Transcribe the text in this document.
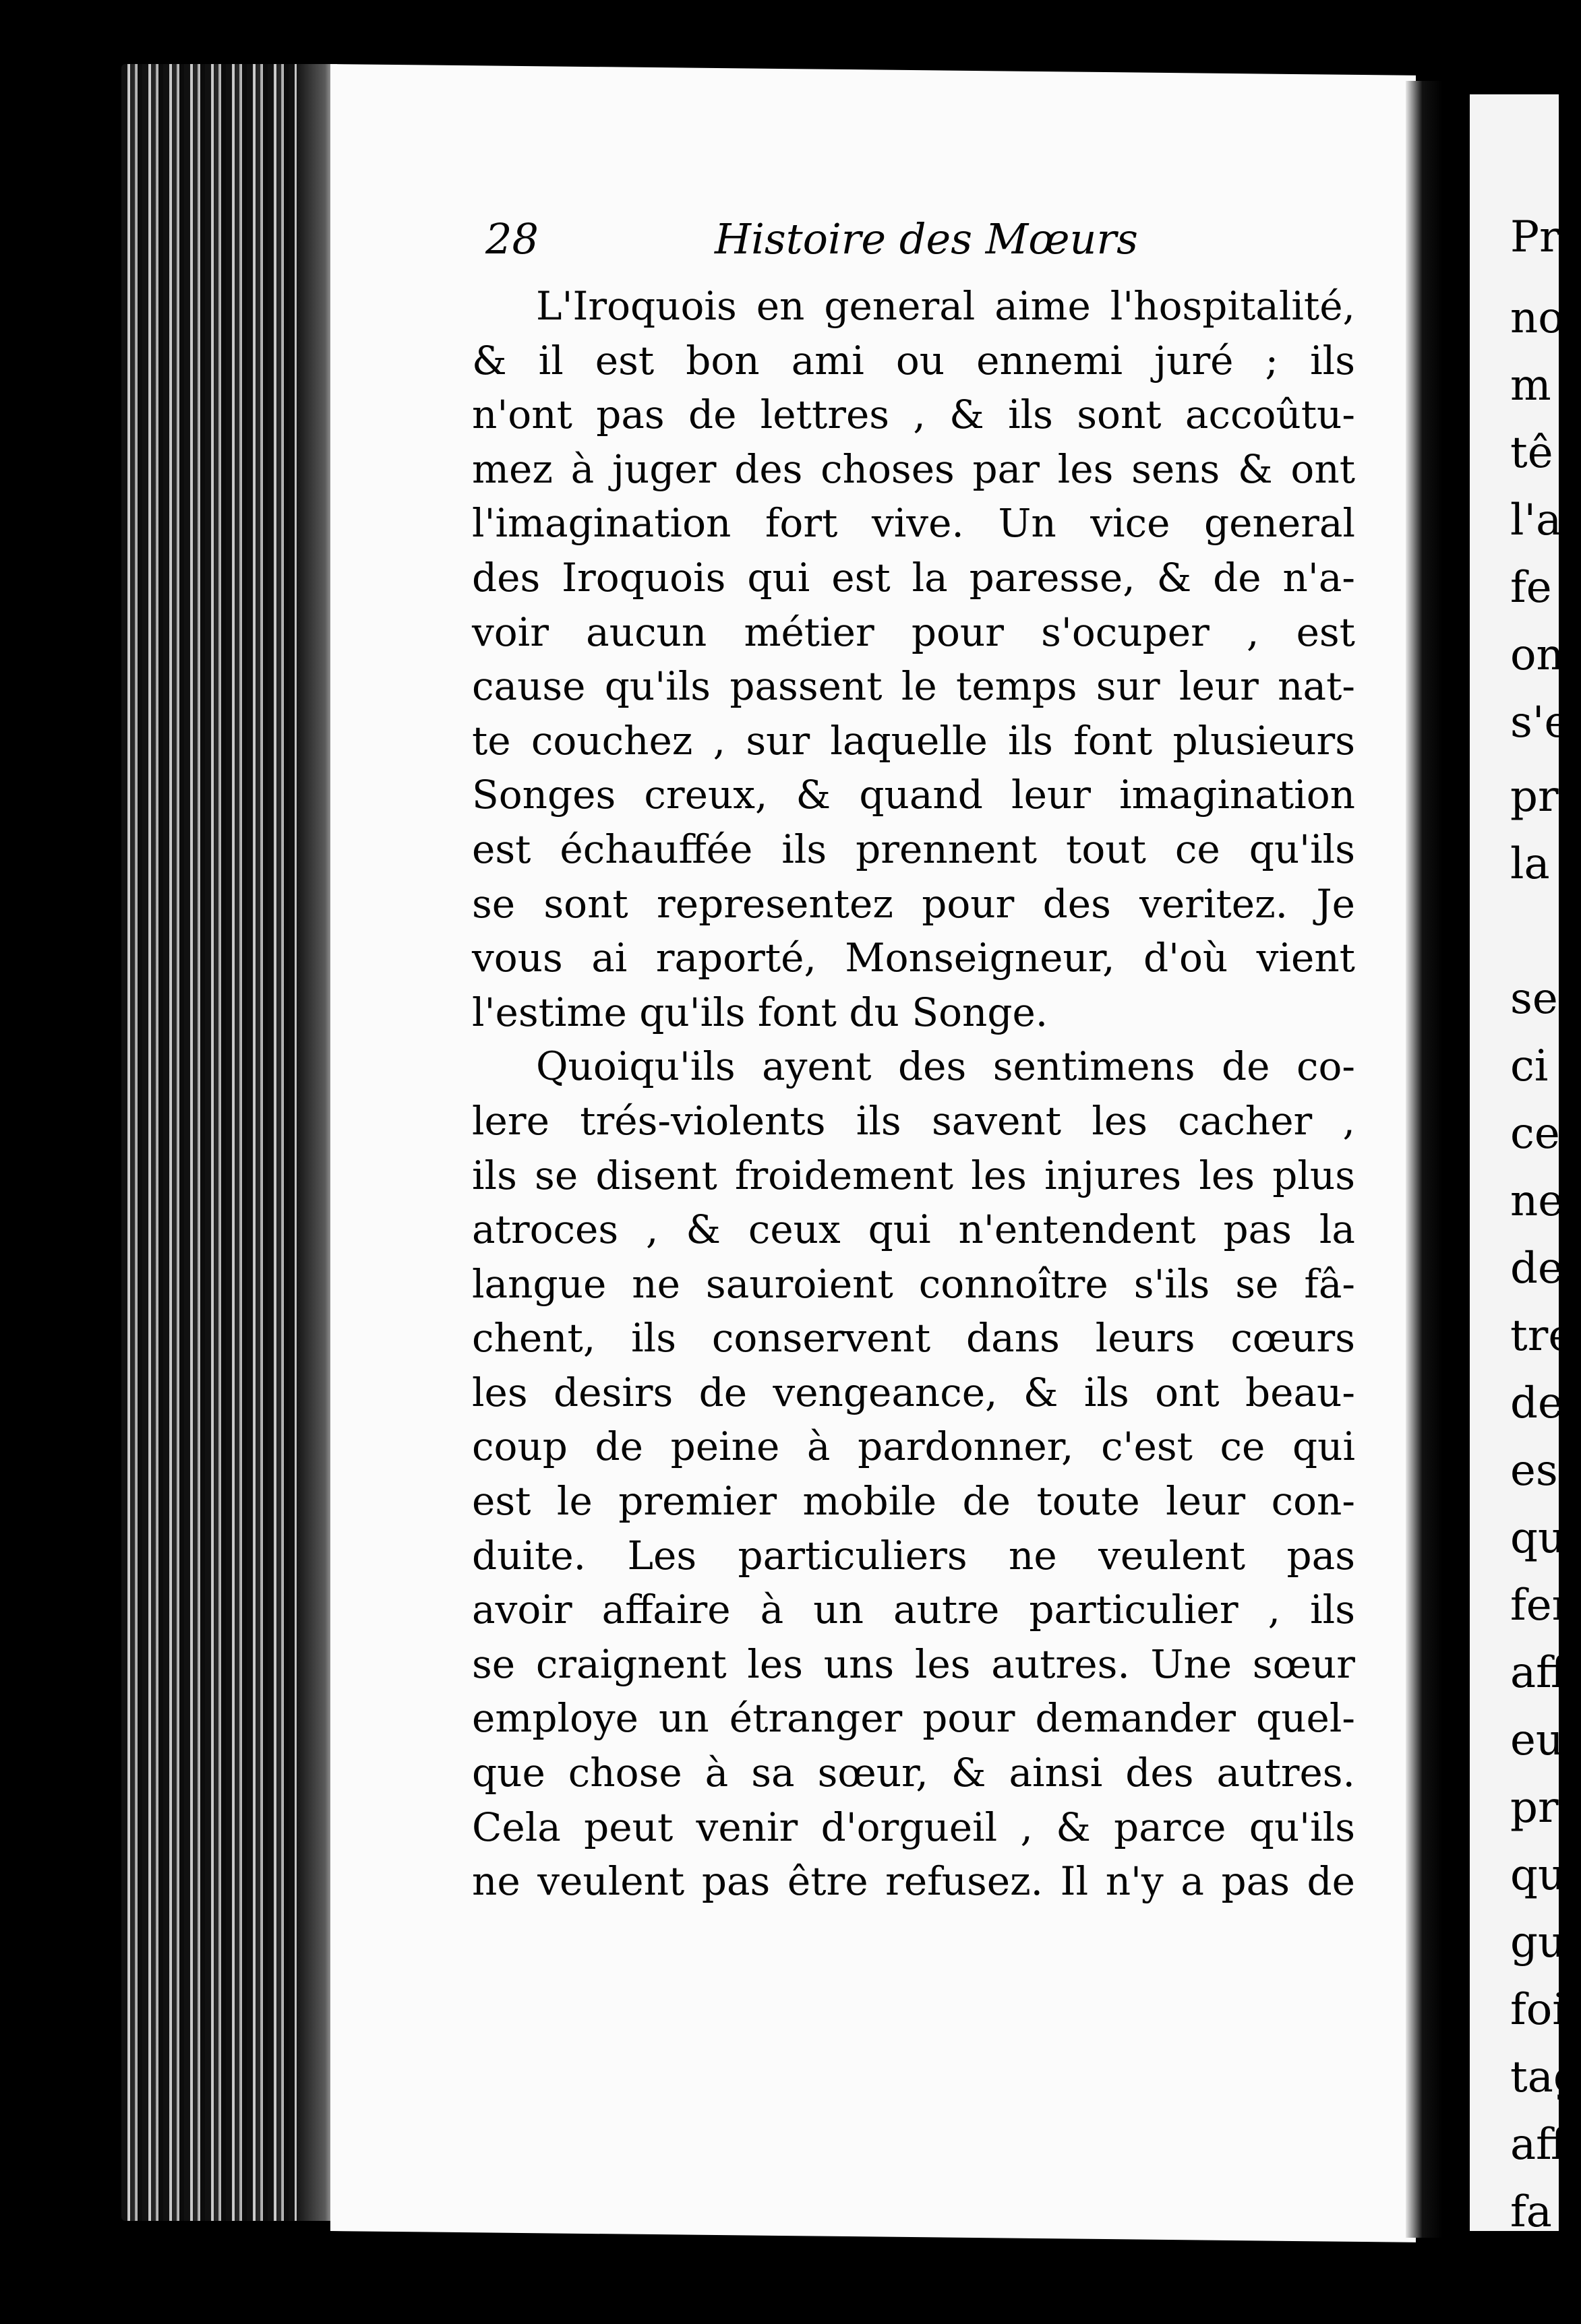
28	Histoire des Mœurs
L'Iroquois en general aime l'hospitalité,
& il est bon ami ou ennemi juré ; ils
n'ont pas de lettres , & ils sont accoûtu-
mez à juger des choses par les sens & ont
l'imagination fort vive. Un vice general
des Iroquois qui est la paresse, & de n'a-
voir aucun métier pour s'ocuper , est
cause qu'ils passent le temps sur leur nat-
te couchez , sur laquelle ils font plusieurs
Songes creux, & quand leur imagination
est échauffée ils prennent tout ce qu'ils
se sont representez pour des veritez. Je
vous ai raporté, Monseigneur, d'où vient
l'estime qu'ils font du Songe.
Quoiqu'ils ayent des sentimens de co-
lere trés-violents ils savent les cacher ,
ils se disent froidement les injures les plus
atroces , & ceux qui n'entendent pas la
langue ne sauroient connoître s'ils se fâ-
chent, ils conservent dans leurs cœurs
les desirs de vengeance, & ils ont beau-
coup de peine à pardonner, c'est ce qui
est le premier mobile de toute leur con-
duite. Les particuliers ne veulent pas
avoir affaire à un autre particulier , ils
se craignent les uns les autres. Une sœur
employe un étranger pour demander quel-
que chose à sa sœur, & ainsi des autres.
Cela peut venir d'orgueil , & parce qu'ils
ne veulent pas être refusez. Il n'y a pas de
Pr
no
m
tê
l'a
fe
on
s'e
pr
la
se
ci
ce
ne
de
tre
de
es
qu
fer
aff
eu
pr
qu
gu
foi
tag
aff
fa
